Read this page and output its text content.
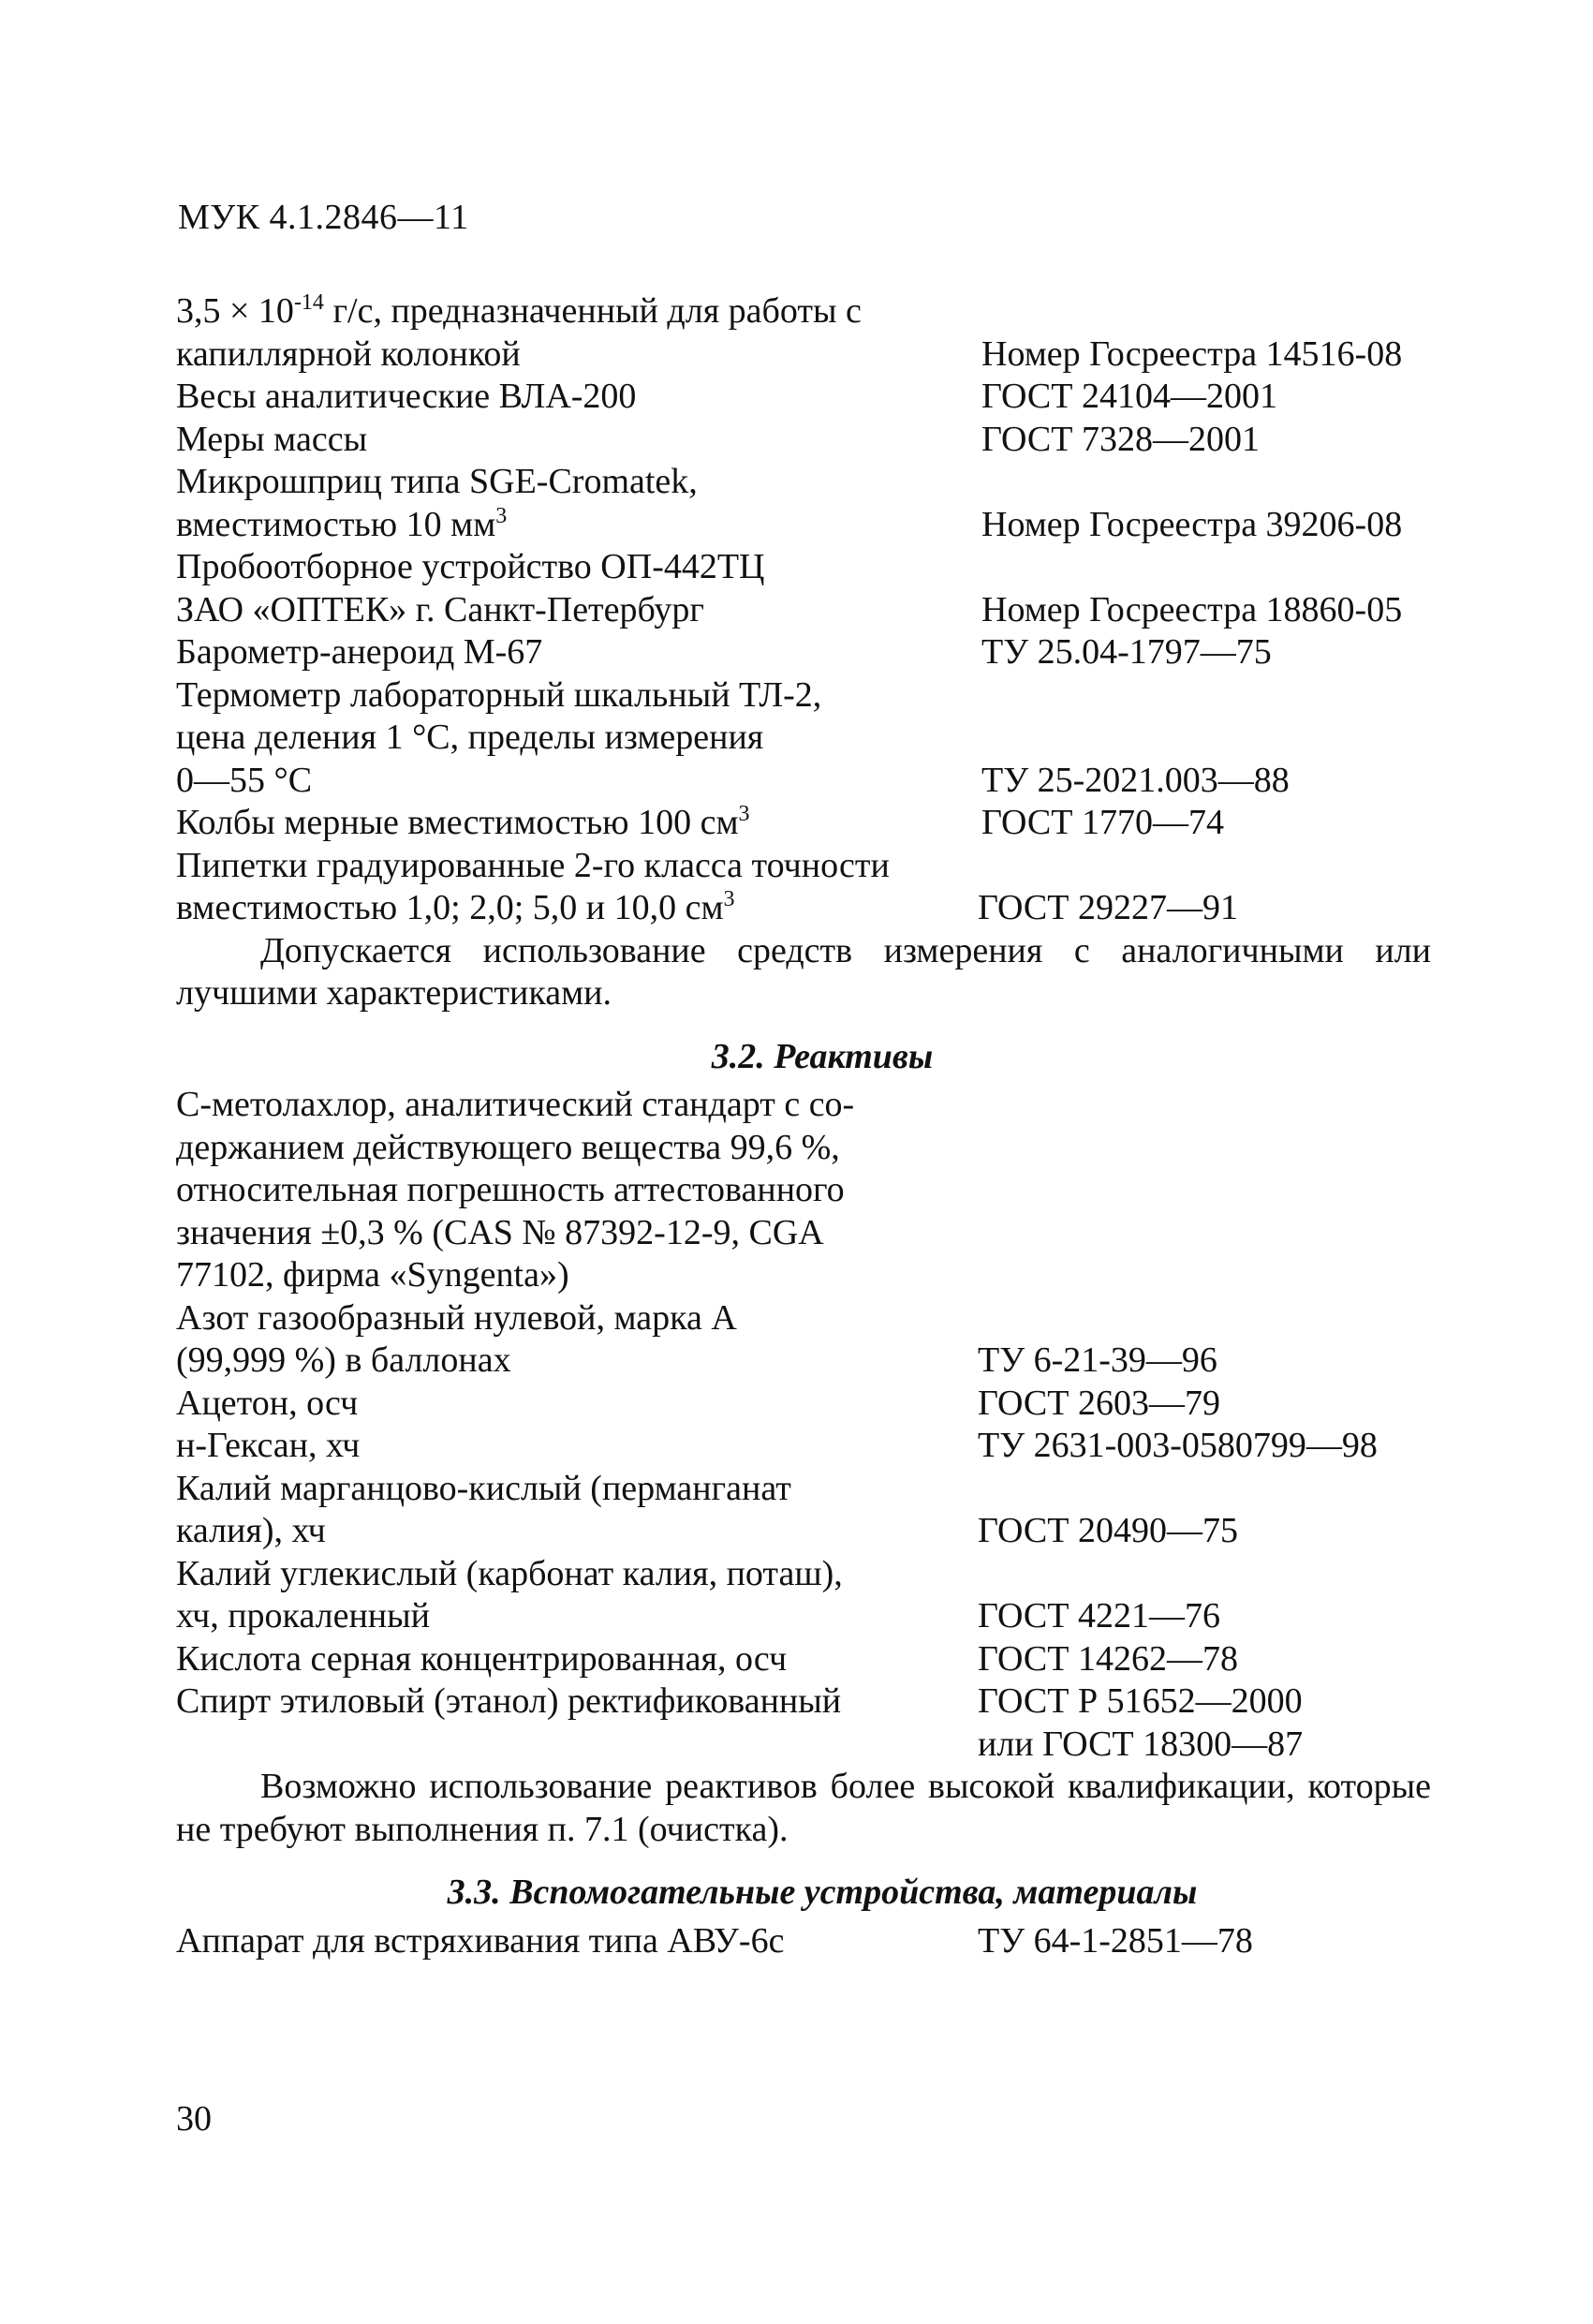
МУК 4.1.2846—11
$3,5 \times 10^{-14}$ г/с, предназначенный для работы с
капиллярной колонкой	Номер Госреестра 14516-08
Весы аналитические ВЛА-200	ГОСТ 24104—2001
Меры массы	ГОСТ 7328—2001
Микрошприц типа SGE-Cromatek,
вместимостью 10 $мм^3$	Номер Госреестра 39206-08
Пробоотборное устройство ОП-442ТЦ
ЗАО «ОПТЕК» г. Санкт-Петербург	Номер Госреестра 18860-05
Барометр-анероид М-67	ТУ 25.04-1797—75
Термометр лабораторный шкальный ТЛ-2,
цена деления 1 °С, пределы измерения
0—55 °С	ТУ 25-2021.003—88
Колбы мерные вместимостью 100 $см^3$	ГОСТ 1770—74
Пипетки градуированные 2-го класса точности
вместимостью 1,0; 2,0; 5,0 и 10,0 $см^3$	ГОСТ 29227—91

Допускается использование средств измерения с аналогичными или лучшими характеристиками.

3.2. Реактивы
С-метолахлор, аналитический стандарт с со-
держанием действующего вещества 99,6 %,
относительная погрешность аттестованного
значения ±0,3 % (CAS № 87392-12-9, CGA
77102, фирма «Syngenta»)
Азот газообразный нулевой, марка А
(99,999 %) в баллонах	ТУ 6-21-39—96
Ацетон, осч	ГОСТ 2603—79
н-Гексан, хч	ТУ 2631-003-0580799—98
Калий марганцово-кислый (перманганат
калия), хч	ГОСТ 20490—75
Калий углекислый (карбонат калия, поташ),
хч, прокаленный	ГОСТ 4221—76
Кислота серная концентрированная, осч	ГОСТ 14262—78
Спирт этиловый (этанол) ректификованный	ГОСТ Р 51652—2000
или ГОСТ 18300—87

Возможно использование реактивов более высокой квалификации, которые не требуют выполнения п. 7.1 (очистка).

3.3. Вспомогательные устройства, материалы
Аппарат для встряхивания типа АВУ-6с	ТУ 64-1-2851—78
30
